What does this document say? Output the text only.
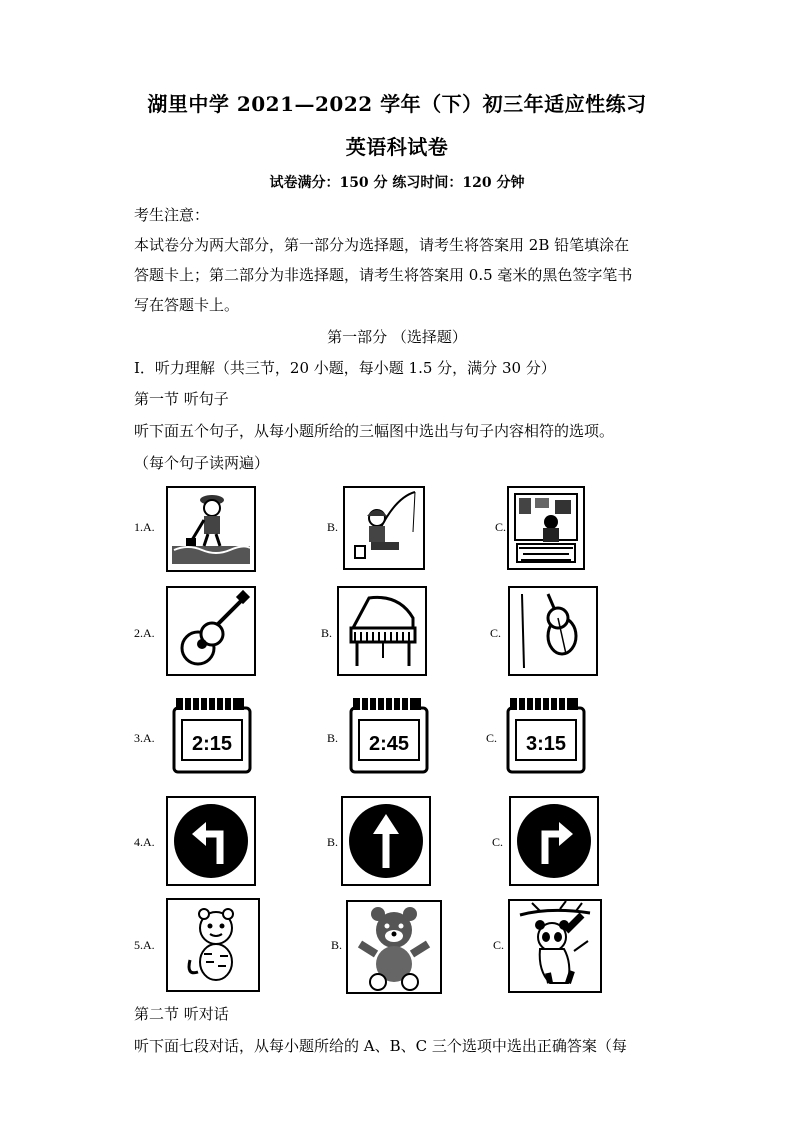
湖里中学 2021—2022 学年（下）初三年适应性练习
英语科试卷
试卷满分：150 分 练习时间：120 分钟
考生注意：
本试卷分为两大部分，第一部分为选择题，请考生将答案用 2B 铅笔填涂在
答题卡上；第二部分为非选择题，请考生将答案用 0.5 毫米的黑色签字笔书
写在答题卡上。
第一部分 （选择题）
Ⅰ．听力理解（共三节，20 小题，每小题 1.5 分，满分 30 分）
第一节 听句子
听下面五个句子，从每小题所给的三幅图中选出与句子内容相符的选项。
（每个句子读两遍）
1.A.	B.	C.
2.A.	B.	C.
3.A. 2:15	B. 2:45	C. 3:15
4.A.	B.	C.
5.A.	B.	C.
第二节 听对话
听下面七段对话，从每小题所给的 A、B、C 三个选项中选出正确答案（每
